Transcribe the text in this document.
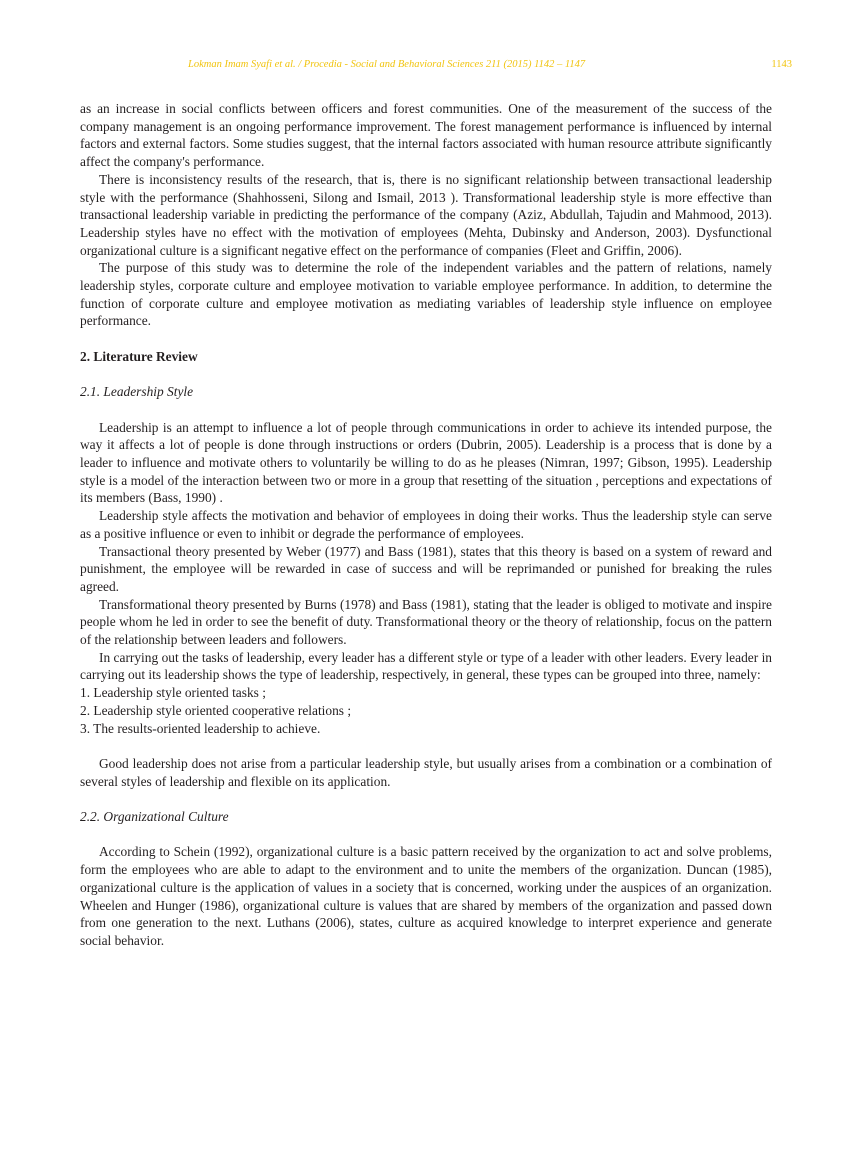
Lokman Imam Syafi et al. / Procedia - Social and Behavioral Sciences 211 (2015) 1142 – 1147	1143

as an increase in social conflicts between officers and forest communities. One of the measurement of the success of the company management is an ongoing performance improvement. The forest management performance is influenced by internal factors and external factors. Some studies suggest, that the internal factors associated with human resource attribute significantly affect the company's performance.

There is inconsistency results of the research, that is, there is no significant relationship between transactional leadership style with the performance (Shahhosseni, Silong and Ismail, 2013 ). Transformational leadership style is more effective than transactional leadership variable in predicting the performance of the company (Aziz, Abdullah, Tajudin and Mahmood, 2013). Leadership styles have no effect with the motivation of employees (Mehta, Dubinsky and Anderson, 2003). Dysfunctional organizational culture is a significant negative effect on the performance of companies (Fleet and Griffin, 2006).

The purpose of this study was to determine the role of the independent variables and the pattern of relations, namely leadership styles, corporate culture and employee motivation to variable employee performance. In addition, to determine the function of corporate culture and employee motivation as mediating variables of leadership style influence on employee performance.

2. Literature Review

2.1. Leadership Style

Leadership is an attempt to influence a lot of people through communications in order to achieve its intended purpose, the way it affects a lot of people is done through instructions or orders (Dubrin, 2005). Leadership is a process that is done by a leader to influence and motivate others to voluntarily be willing to do as he pleases (Nimran, 1997; Gibson, 1995). Leadership style is a model of the interaction between two or more in a group that resetting of the situation , perceptions and expectations of its members (Bass, 1990) .

Leadership style affects the motivation and behavior of employees in doing their works. Thus the leadership style can serve as a positive influence or even to inhibit or degrade the performance of employees.

Transactional theory presented by Weber (1977) and Bass (1981), states that this theory is based on a system of reward and punishment, the employee will be rewarded in case of success and will be reprimanded or punished for breaking the rules agreed.

Transformational theory presented by Burns (1978) and Bass (1981), stating that the leader is obliged to motivate and inspire people whom he led in order to see the benefit of duty. Transformational theory or the theory of relationship, focus on the pattern of the relationship between leaders and followers.

In carrying out the tasks of leadership, every leader has a different style or type of a leader with other leaders. Every leader in carrying out its leadership shows the type of leadership, respectively, in general, these types can be grouped into three, namely:

1. Leadership style oriented tasks ;

2. Leadership style oriented cooperative relations ;

3. The results-oriented leadership to achieve.

Good leadership does not arise from a particular leadership style, but usually arises from a combination or a combination of several styles of leadership and flexible on its application.

2.2. Organizational Culture

According to Schein (1992), organizational culture is a basic pattern received by the organization to act and solve problems, form the employees who are able to adapt to the environment and to unite the members of the organization. Duncan (1985), organizational culture is the application of values in a society that is concerned, working under the auspices of an organization. Wheelen and Hunger (1986), organizational culture is values that are shared by members of the organization and passed down from one generation to the next. Luthans (2006), states, culture as acquired knowledge to interpret experience and generate social behavior.
